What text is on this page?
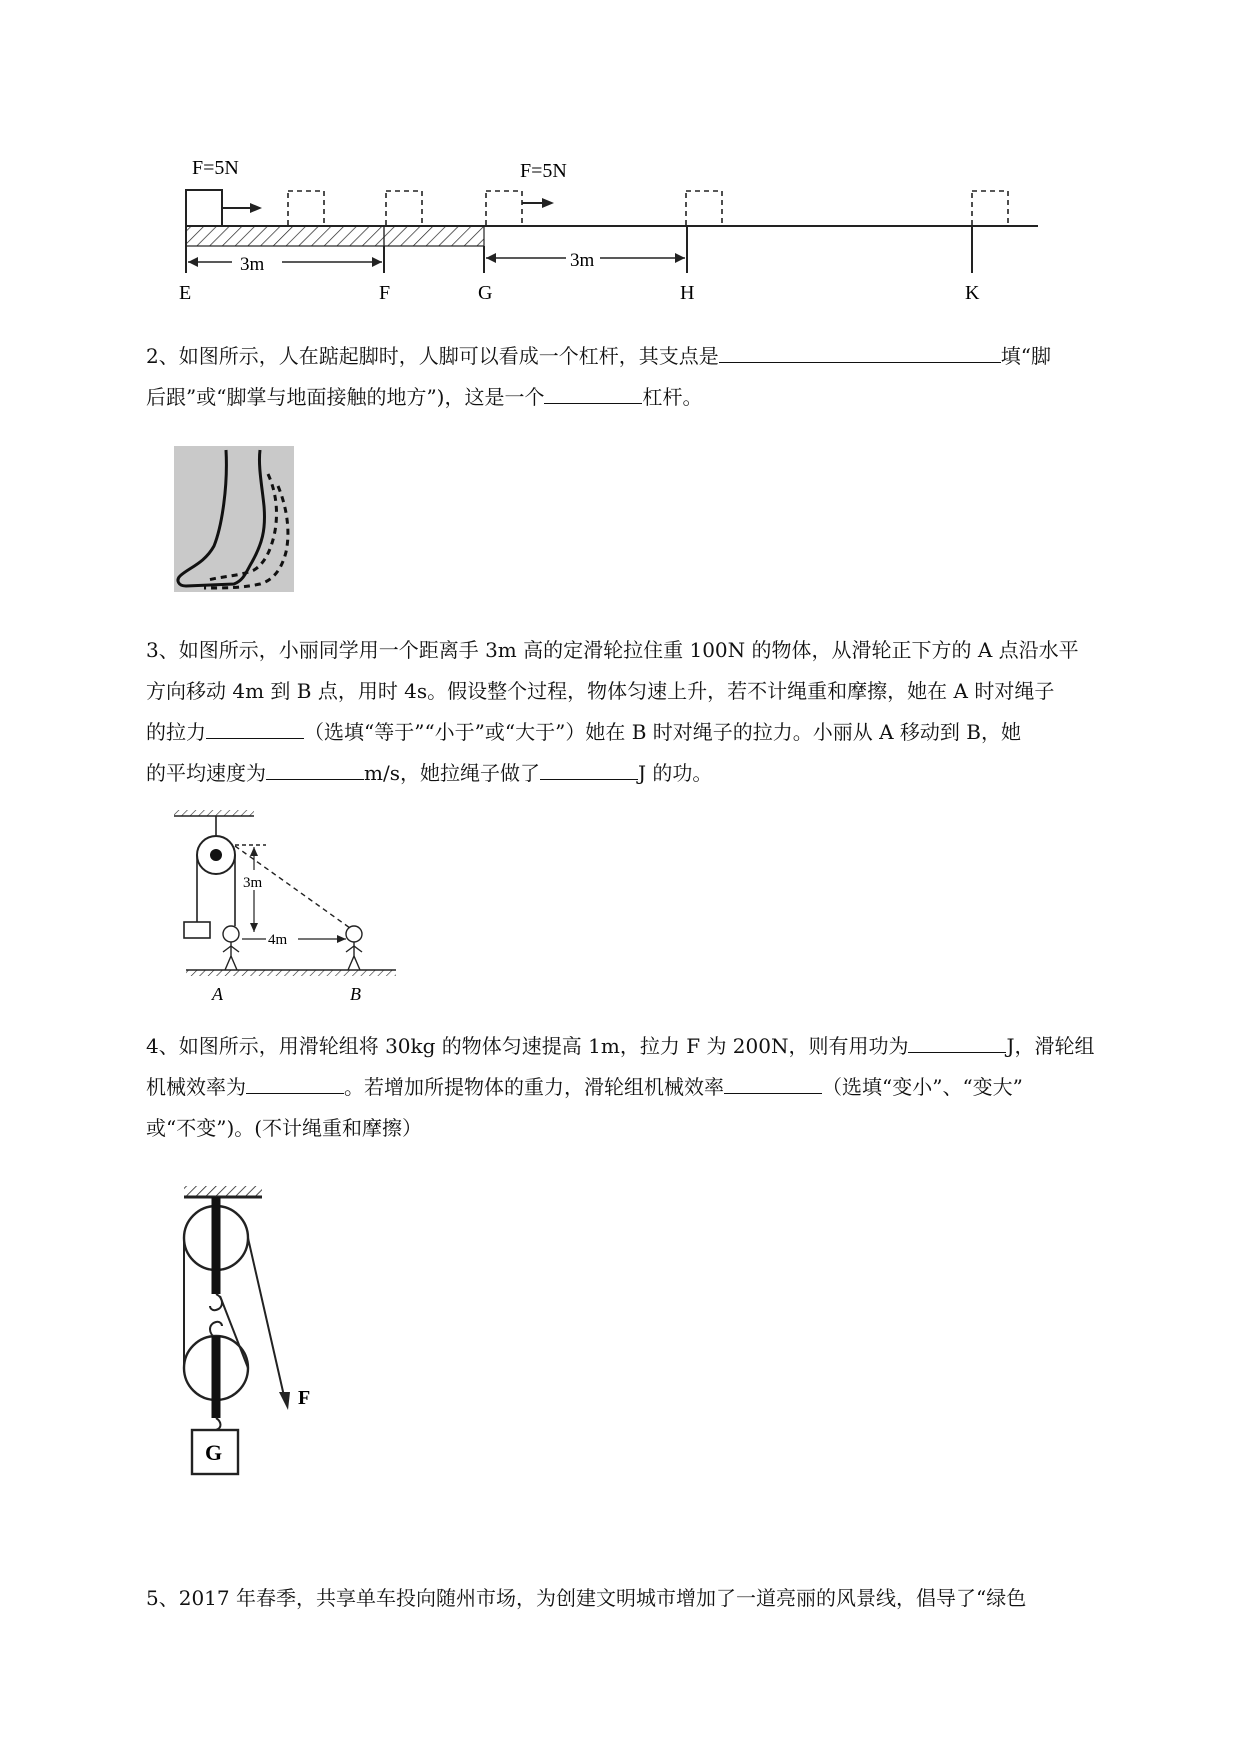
F=5N	F=5N
3m	3m
E	F	G	H	K
2、如图所示，人在踮起脚时，人脚可以看成一个杠杆，其支点是	填“脚
后跟”或“脚掌与地面接触的地方”)，这是一个	杠杆。
3、如图所示，小丽同学用一个距离手 3m 高的定滑轮拉住重 100N 的物体，从滑轮正下方的 A 点沿水平
方向移动 4m 到 B 点，用时 4s。假设整个过程，物体匀速上升，若不计绳重和摩擦，她在 A 时对绳子
的拉力	（选填“等于”“小于”或“大于”）她在 B 时对绳子的拉力。小丽从 A 移动到 B，她
的平均速度为	m/s，她拉绳子做了	J 的功。
3m
4m
A	B
4、如图所示，用滑轮组将 30kg 的物体匀速提高 1m，拉力 F 为 200N，则有用功为	J，滑轮组
机械效率为	。若增加所提物体的重力，滑轮组机械效率	（选填“变小”、“变大”
或“不变”)。(不计绳重和摩擦）
F
G
5、2017 年春季，共享单车投向随州市场，为创建文明城市增加了一道亮丽的风景线，倡导了“绿色
